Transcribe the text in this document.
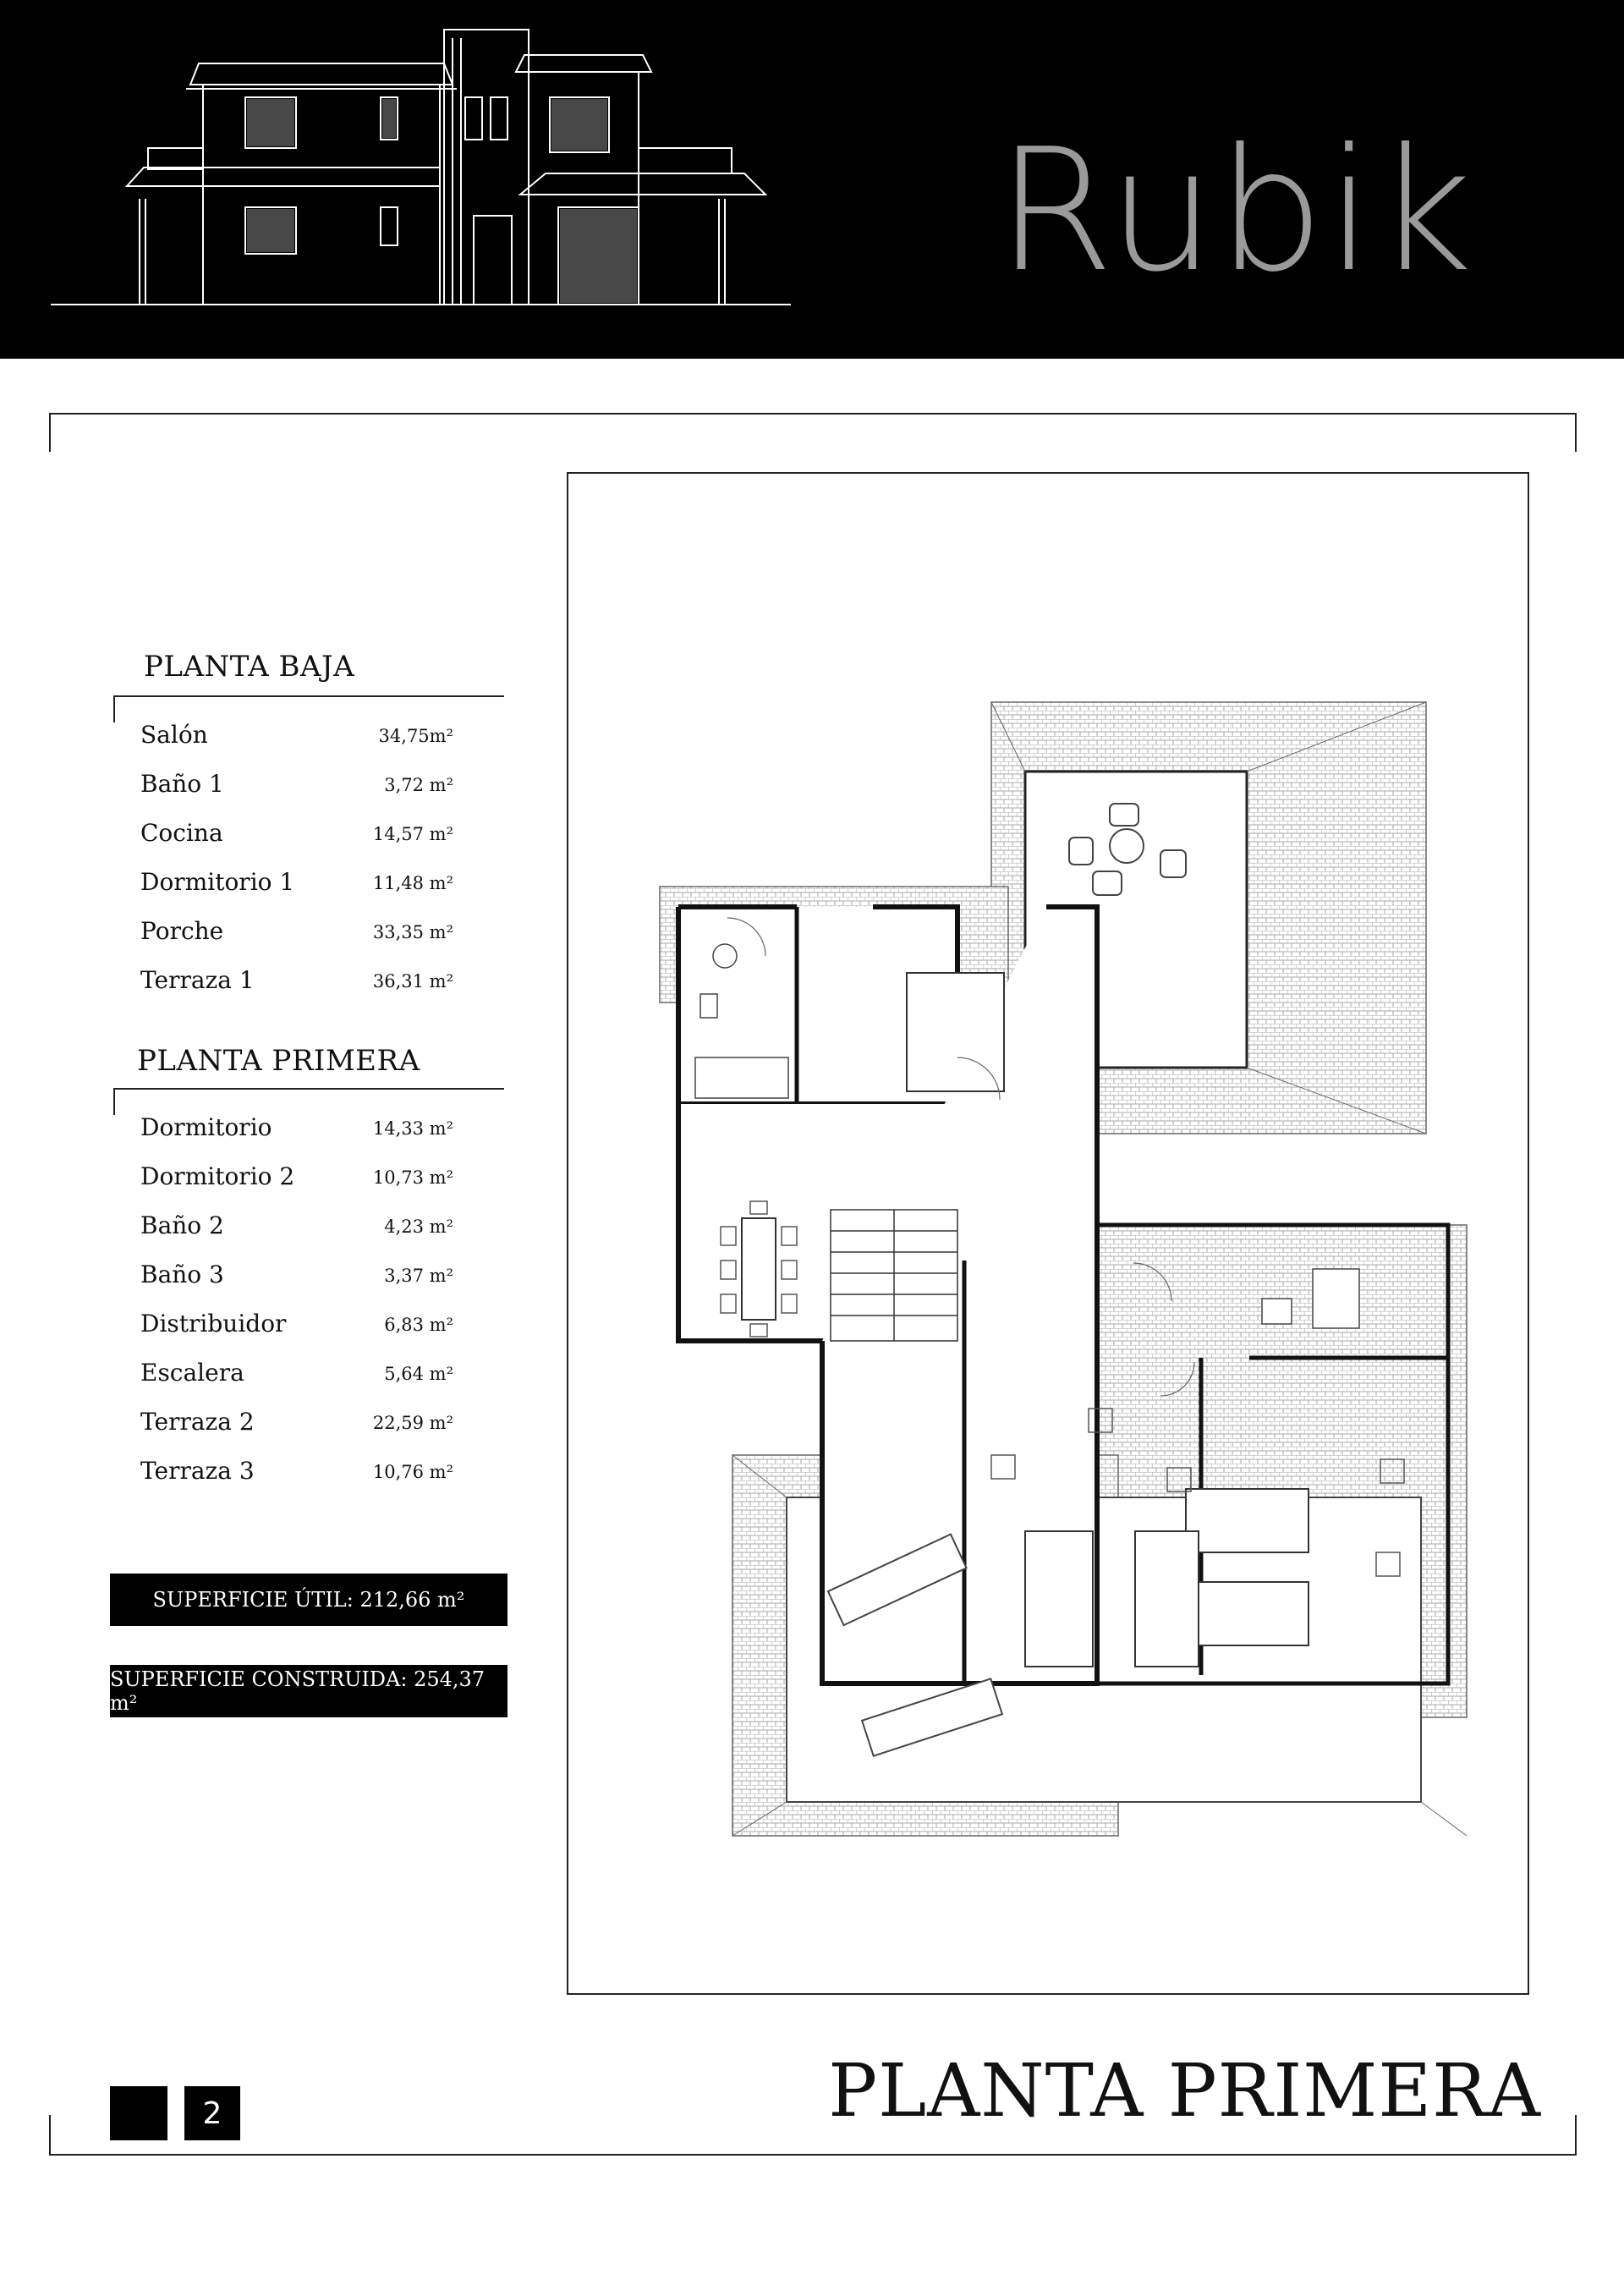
Rubik
PLANTA BAJA
Salón	34,75m²
Baño 1	3,72 m²
Cocina	14,57 m²
Dormitorio 1	11,48 m²
Porche	33,35 m²
Terraza 1	36,31 m²
PLANTA PRIMERA
Dormitorio	14,33 m²
Dormitorio 2	10,73 m²
Baño 2	4,23 m²
Baño 3	3,37 m²
Distribuidor	6,83 m²
Escalera	5,64 m²
Terraza 2	22,59 m²
Terraza 3	10,76 m²
SUPERFICIE ÚTIL: 212,66 m²
SUPERFICIE CONSTRUIDA: 254,37 m²
PLANTA PRIMERA
2
